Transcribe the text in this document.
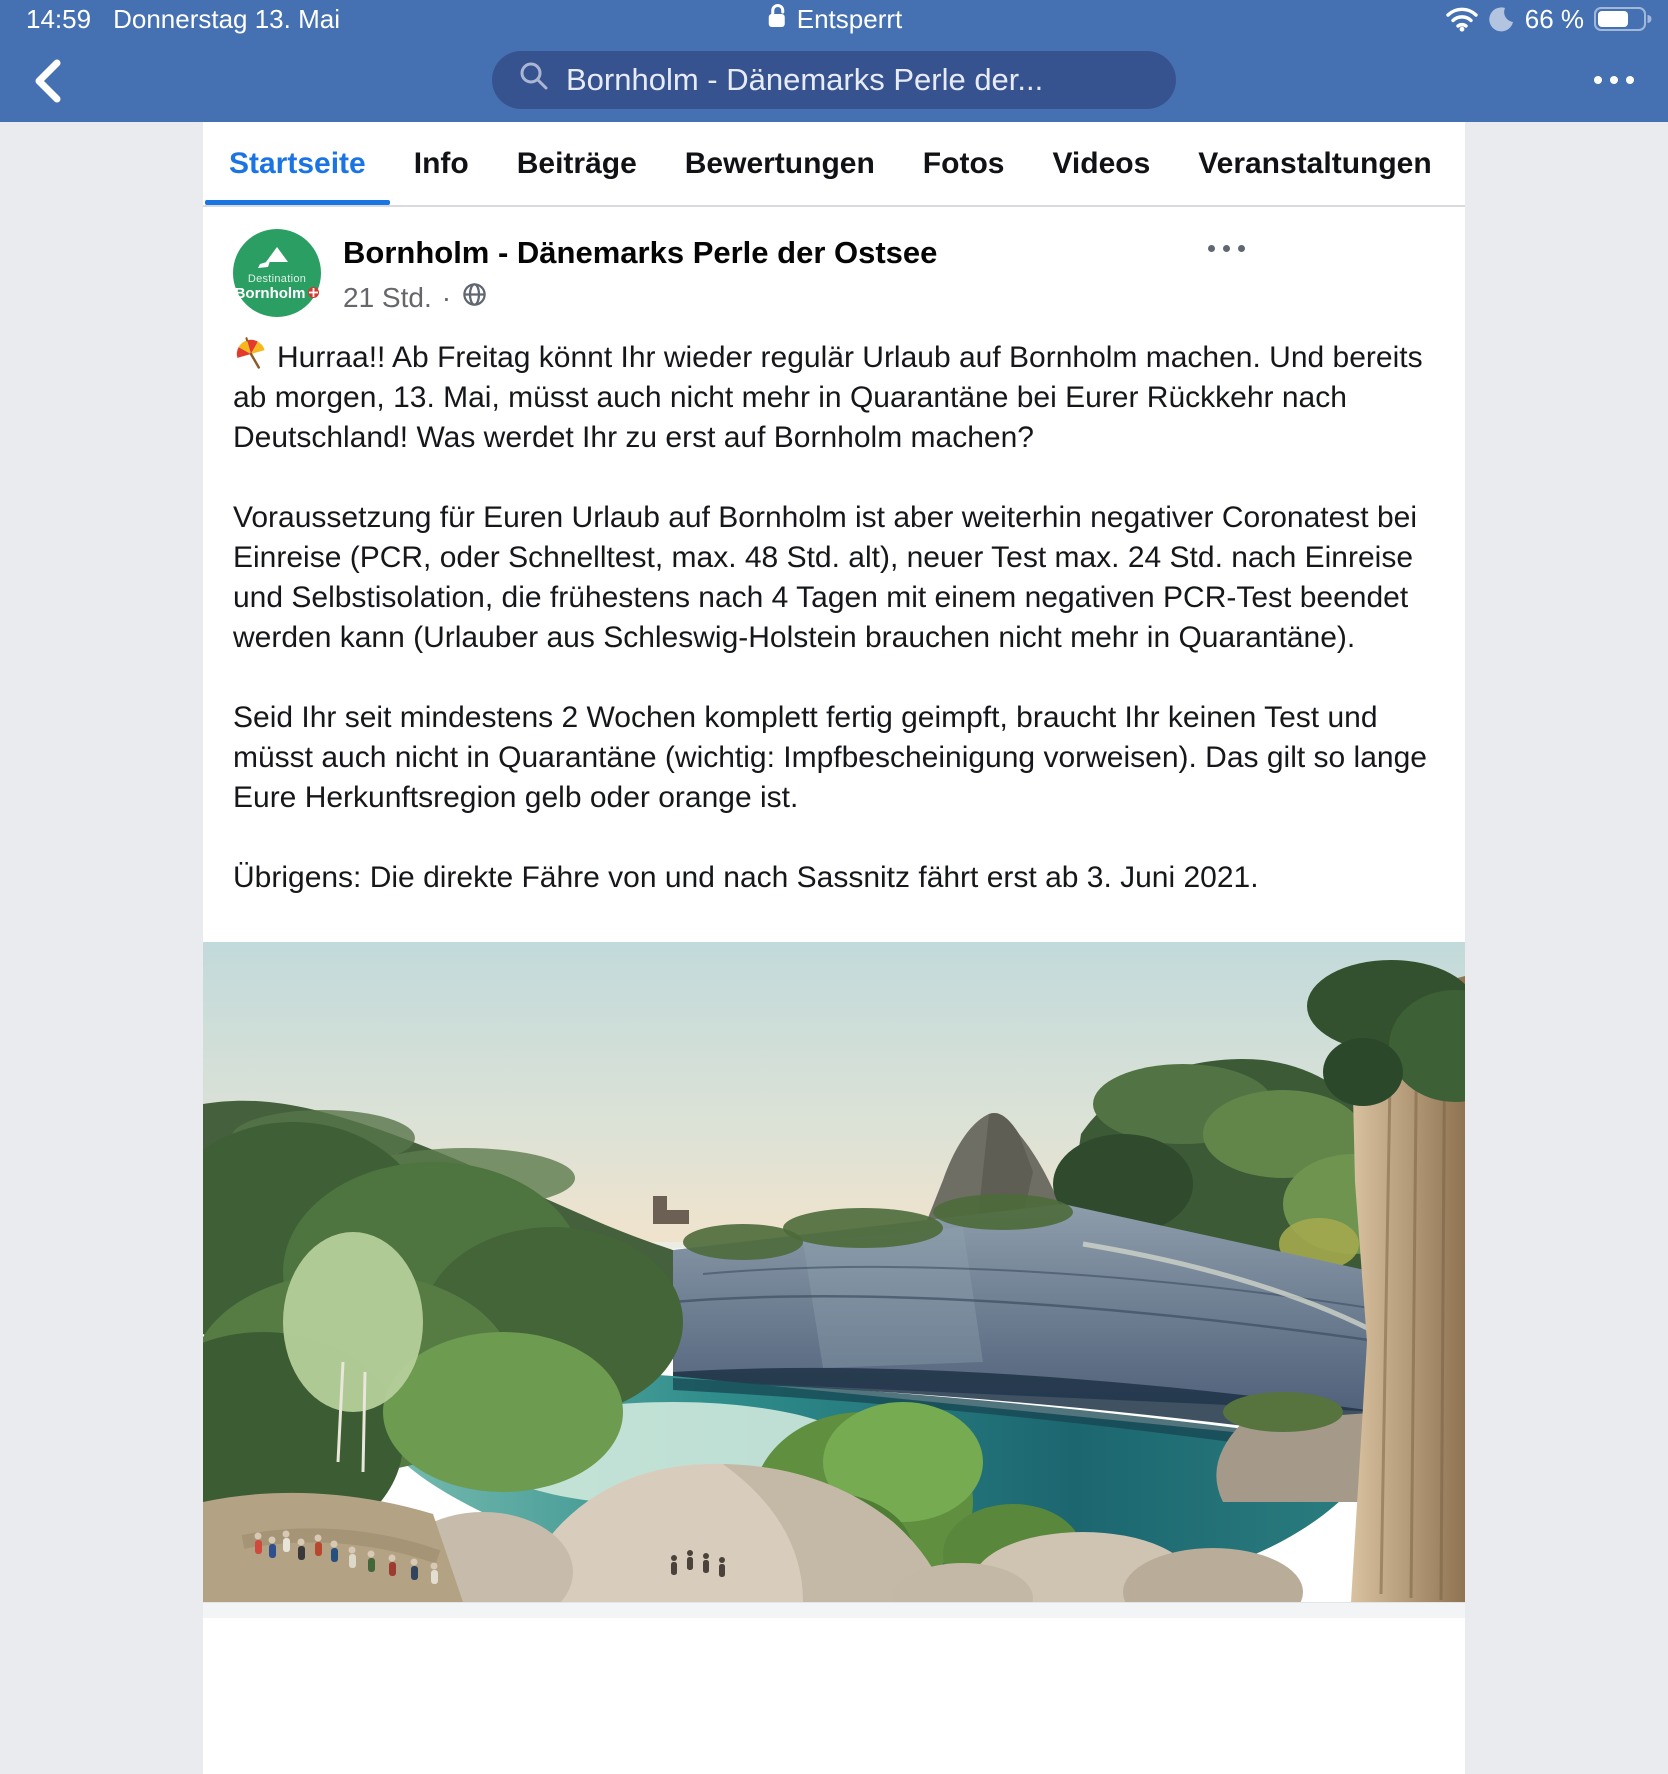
14:59 Donnerstag 13. Mai	Entsperrt	66 %
Bornholm - Dänemarks Perle der...
Startseite Info Beiträge Bewertungen Fotos Videos Veranstaltungen
Destination
Bornholm
Bornholm - Dänemarks Perle der Ostsee
21 Std. ·

Hurraa!! Ab Freitag könnt Ihr wieder regulär Urlaub auf Bornholm machen. Und bereits ab morgen, 13. Mai, müsst auch nicht mehr in Quarantäne bei Eurer Rückkehr nach Deutschland! Was werdet Ihr zu erst auf Bornholm machen?

Voraussetzung für Euren Urlaub auf Bornholm ist aber weiterhin negativer Coronatest bei Einreise (PCR, oder Schnelltest, max. 48 Std. alt), neuer Test max. 24 Std. nach Einreise und Selbstisolation, die frühestens nach 4 Tagen mit einem negativen PCR-Test beendet werden kann (Urlauber aus Schleswig-Holstein brauchen nicht mehr in Quarantäne).

Seid Ihr seit mindestens 2 Wochen komplett fertig geimpft, braucht Ihr keinen Test und müsst auch nicht in Quarantäne (wichtig: Impfbescheinigung vorweisen). Das gilt so lange Eure Herkunftsregion gelb oder orange ist.

Übrigens: Die direkte Fähre von und nach Sassnitz fährt erst ab 3. Juni 2021.
